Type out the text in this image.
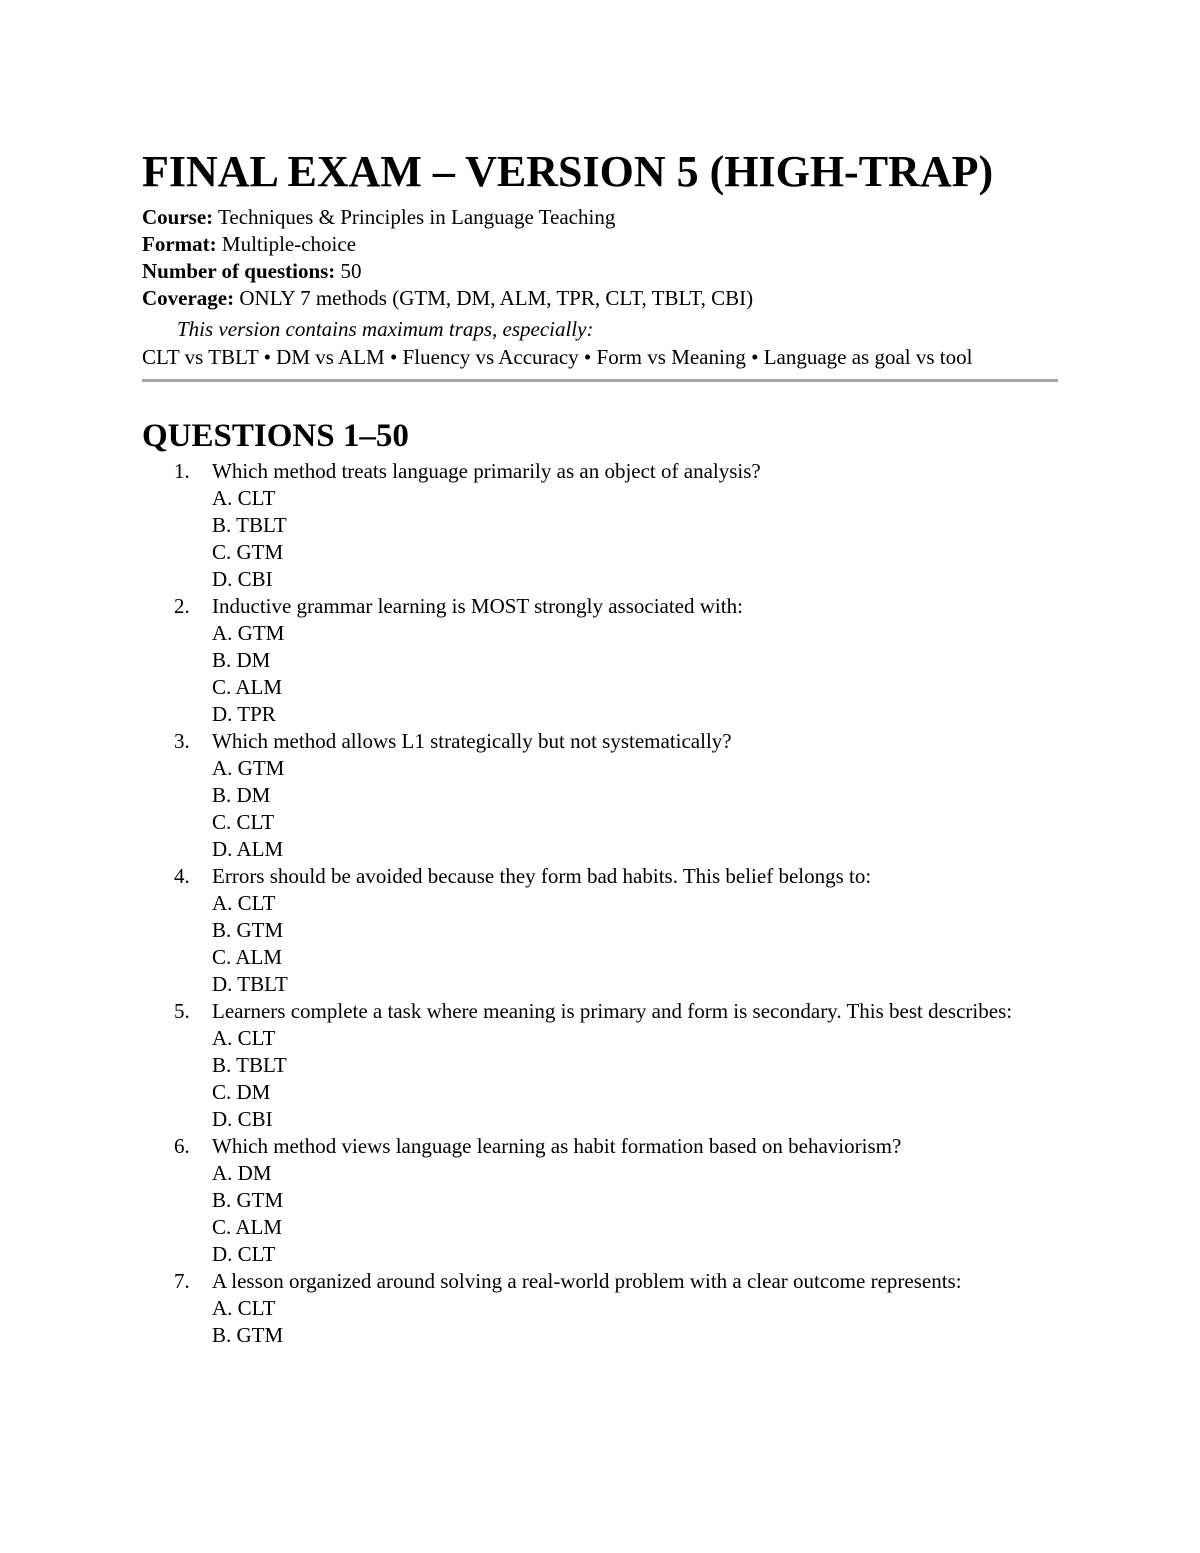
FINAL EXAM – VERSION 5 (HIGH-TRAP)

Course: Techniques & Principles in Language Teaching

Format: Multiple-choice

Number of questions: 50

Coverage: ONLY 7 methods (GTM, DM, ALM, TPR, CLT, TBLT, CBI)

This version contains maximum traps, especially:

CLT vs TBLT • DM vs ALM • Fluency vs Accuracy • Form vs Meaning • Language as goal vs tool

QUESTIONS 1–50
1. Which method treats language primarily as an object of analysis?
A. CLT
B. TBLT
C. GTM
D. CBI
2. Inductive grammar learning is MOST strongly associated with:
A. GTM
B. DM
C. ALM
D. TPR
3. Which method allows L1 strategically but not systematically?
A. GTM
B. DM
C. CLT
D. ALM
4. Errors should be avoided because they form bad habits. This belief belongs to:
A. CLT
B. GTM
C. ALM
D. TBLT
5. Learners complete a task where meaning is primary and form is secondary. This best describes:
A. CLT
B. TBLT
C. DM
D. CBI
6. Which method views language learning as habit formation based on behaviorism?
A. DM
B. GTM
C. ALM
D. CLT
7. A lesson organized around solving a real-world problem with a clear outcome represents:
A. CLT
B. GTM
